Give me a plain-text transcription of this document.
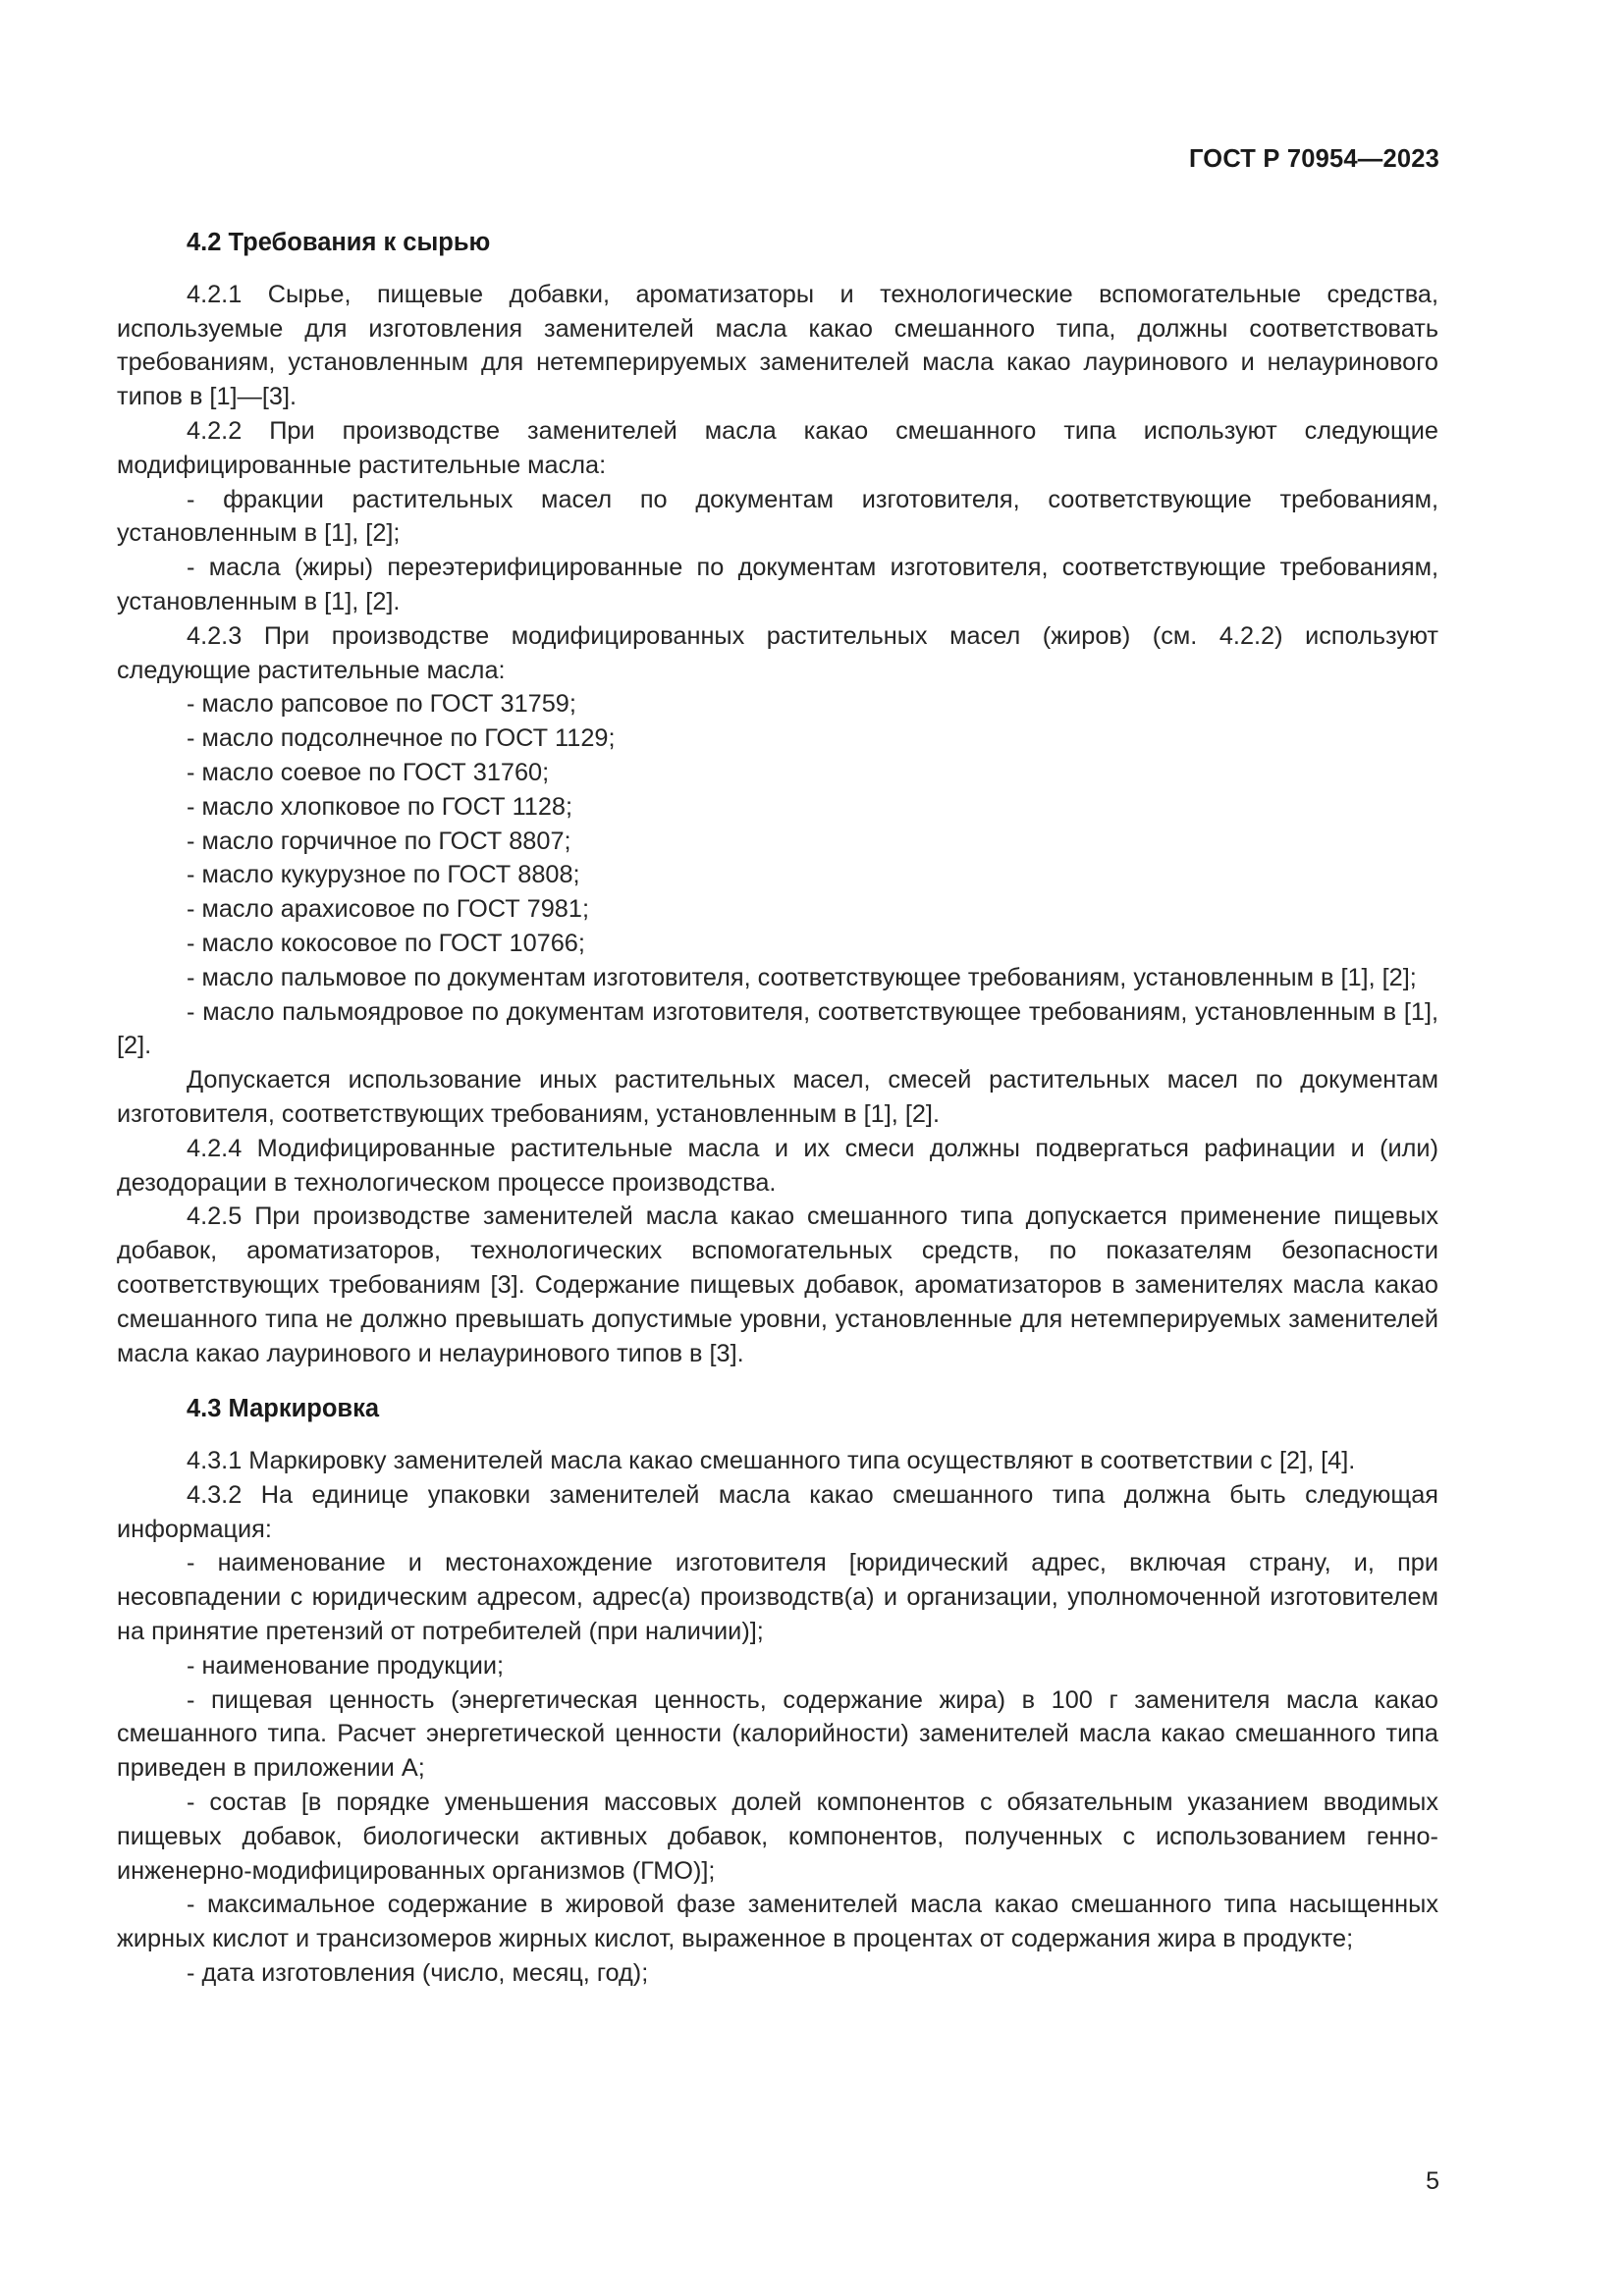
ГОСТ Р 70954—2023
4.2 Требования к сырью

4.2.1 Сырье, пищевые добавки, ароматизаторы и технологические вспомогательные средства, используемые для изготовления заменителей масла какао смешанного типа, должны соответствовать требованиям, установленным для нетемперируемых заменителей масла какао лауринового и нелауринового типов в [1]—[3].

4.2.2 При производстве заменителей масла какао смешанного типа используют следующие модифицированные растительные масла:

- фракции растительных масел по документам изготовителя, соответствующие требованиям, установленным в [1], [2];

- масла (жиры) переэтерифицированные по документам изготовителя, соответствующие требованиям, установленным в [1], [2].

4.2.3 При производстве модифицированных растительных масел (жиров) (см. 4.2.2) используют следующие растительные масла:

- масло рапсовое по ГОСТ 31759;

- масло подсолнечное по ГОСТ 1129;

- масло соевое по ГОСТ 31760;

- масло хлопковое по ГОСТ 1128;

- масло горчичное по ГОСТ 8807;

- масло кукурузное по ГОСТ 8808;

- масло арахисовое по ГОСТ 7981;

- масло кокосовое по ГОСТ 10766;

- масло пальмовое по документам изготовителя, соответствующее требованиям, установленным в [1], [2];

- масло пальмоядровое по документам изготовителя, соответствующее требованиям, установленным в [1], [2].

Допускается использование иных растительных масел, смесей растительных масел по документам изготовителя, соответствующих требованиям, установленным в [1], [2].

4.2.4 Модифицированные растительные масла и их смеси должны подвергаться рафинации и (или) дезодорации в технологическом процессе производства.

4.2.5 При производстве заменителей масла какао смешанного типа допускается применение пищевых добавок, ароматизаторов, технологических вспомогательных средств, по показателям безопасности соответствующих требованиям [3]. Содержание пищевых добавок, ароматизаторов в заменителях масла какао смешанного типа не должно превышать допустимые уровни, установленные для нетемперируемых заменителей масла какао лауринового и нелауринового типов в [3].

4.3 Маркировка

4.3.1 Маркировку заменителей масла какао смешанного типа осуществляют в соответствии с [2], [4].

4.3.2 На единице упаковки заменителей масла какао смешанного типа должна быть следующая информация:

- наименование и местонахождение изготовителя [юридический адрес, включая страну, и, при несовпадении с юридическим адресом, адрес(а) производств(а) и организации, уполномоченной изготовителем на принятие претензий от потребителей (при наличии)];

- наименование продукции;

- пищевая ценность (энергетическая ценность, содержание жира) в 100 г заменителя масла какао смешанного типа. Расчет энергетической ценности (калорийности) заменителей масла какао смешанного типа приведен в приложении А;

- состав [в порядке уменьшения массовых долей компонентов с обязательным указанием вводимых пищевых добавок, биологически активных добавок, компонентов, полученных с использованием генно-инженерно-модифицированных организмов (ГМО)];

- максимальное содержание в жировой фазе заменителей масла какао смешанного типа насыщенных жирных кислот и трансизомеров жирных кислот, выраженное в процентах от содержания жира в продукте;

- дата изготовления (число, месяц, год);

5
